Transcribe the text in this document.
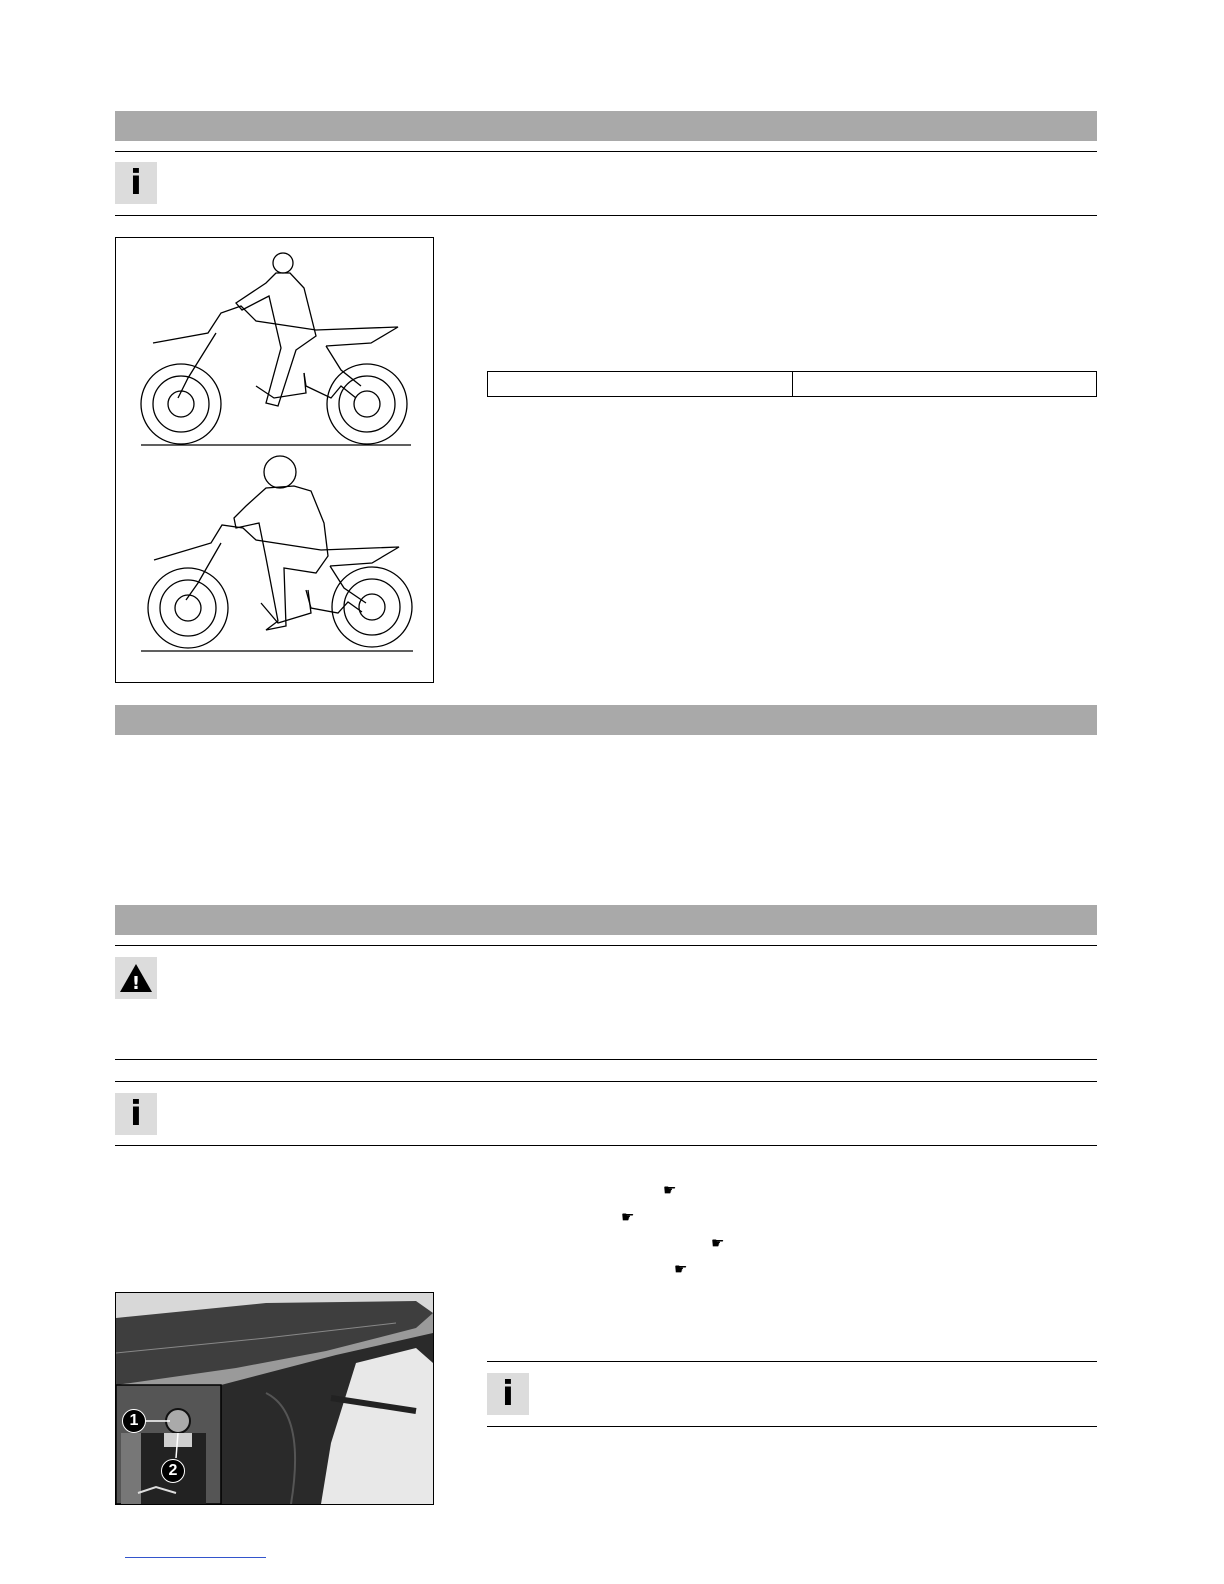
i

!
i
☛
☛
☛
☛
1
2
i
